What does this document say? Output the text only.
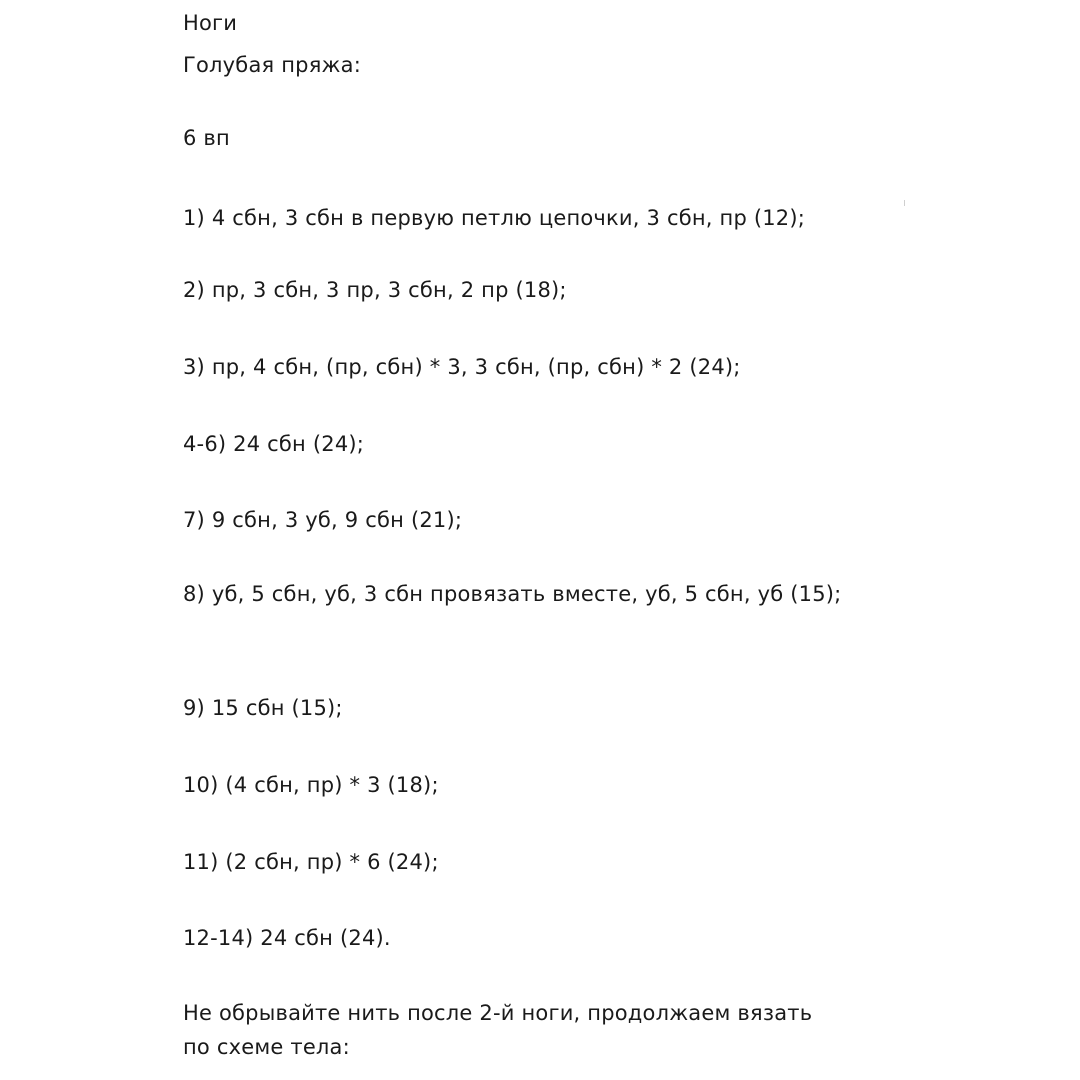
Ноги
Голубая пряжа:
6 вп
1) 4 сбн, 3 сбн в первую петлю цепочки, 3 сбн, пр (12);
2) пр, 3 сбн, 3 пр, 3 сбн, 2 пр (18);
3) пр, 4 сбн, (пр, сбн) * 3, 3 сбн, (пр, сбн) * 2 (24);
4-6) 24 сбн (24);
7) 9 сбн, 3 уб, 9 сбн (21);
8) уб, 5 сбн, уб, 3 сбн провязать вместе, уб, 5 сбн, уб (15);
9) 15 сбн (15);
10) (4 сбн, пр) * 3 (18);
11) (2 сбн, пр) * 6 (24);
12-14) 24 сбн (24).
Не обрывайте нить после 2-й ноги, продолжаем вязать по схеме тела:
